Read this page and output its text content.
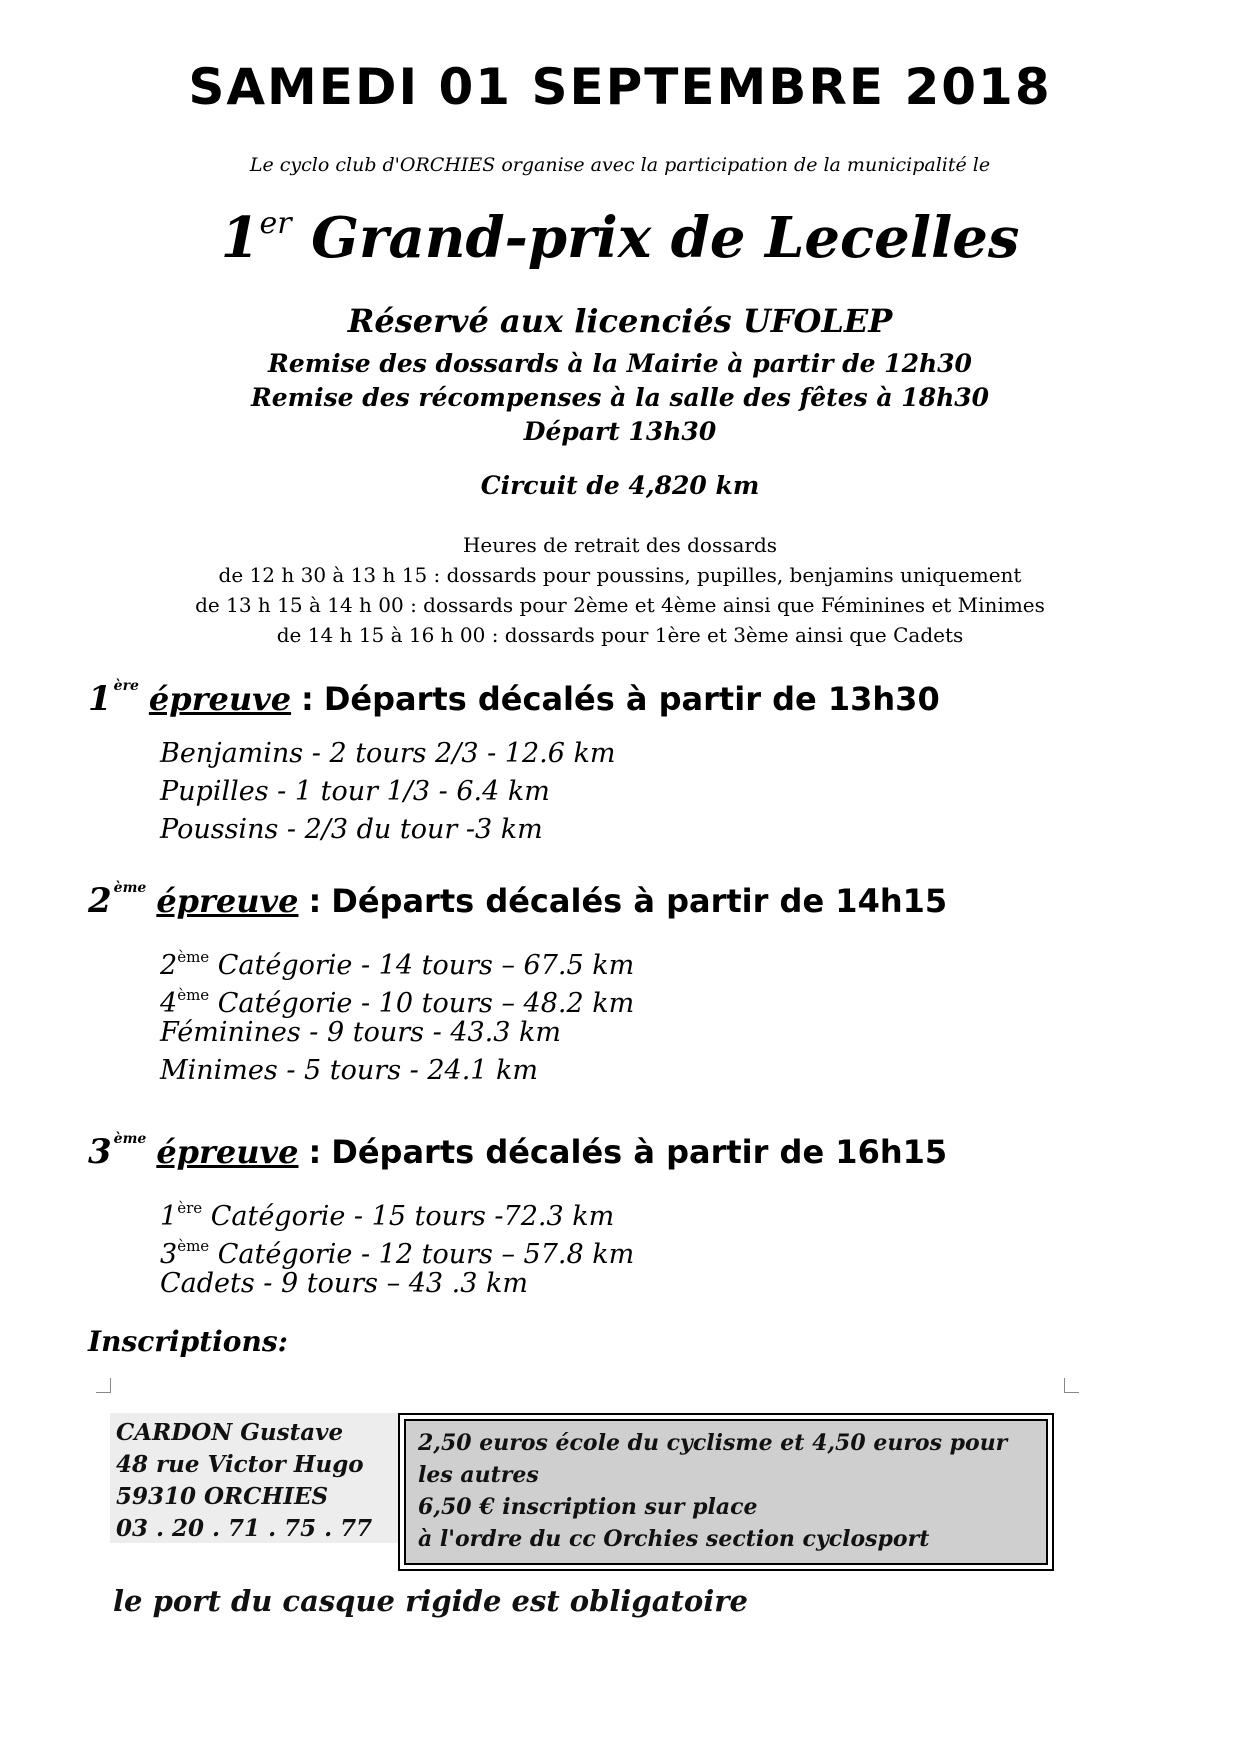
SAMEDI 01 SEPTEMBRE 2018
Le cyclo club d'ORCHIES organise avec la participation de la municipalité le
1er Grand-prix de Lecelles
Réservé aux licenciés UFOLEP
Remise des dossards à la Mairie à partir de 12h30
Remise des récompenses à la salle des fêtes à 18h30
Départ 13h30
Circuit de 4,820 km
Heures de retrait des dossards
de 12 h 30 à 13 h 15 : dossards pour poussins, pupilles, benjamins uniquement
de 13 h 15 à 14 h 00 : dossards pour 2ème et 4ème ainsi que Féminines et Minimes
de 14 h 15 à 16 h 00 : dossards pour 1ère et 3ème ainsi que Cadets
1 $^{ère}$ épreuve : Départs décalés à partir de 13h30
Benjamins - 2 tours 2/3 - 12.6 km
Pupilles - 1 tour 1/3 - 6.4 km
Poussins - 2/3 du tour -3 km
2 $^{ème}$ épreuve : Départs décalés à partir de 14h15
2ème Catégorie - 14 tours – 67.5 km
4ème Catégorie - 10 tours – 48.2 km
Féminines - 9 tours - 43.3 km
Minimes - 5 tours - 24.1 km
3 $^{ème}$ épreuve : Départs décalés à partir de 16h15
1ère Catégorie - 15 tours -72.3 km
3ème Catégorie - 12 tours – 57.8 km
Cadets - 9 tours – 43 .3 km
Inscriptions:
CARDON Gustave
48 rue Victor Hugo
59310 ORCHIES
03 . 20 . 71 . 75 . 77
2,50 euros école du cyclisme et 4,50 euros pour les autres
6,50 € inscription sur place
à l'ordre du cc Orchies section cyclosport
le port du casque rigide est obligatoire
